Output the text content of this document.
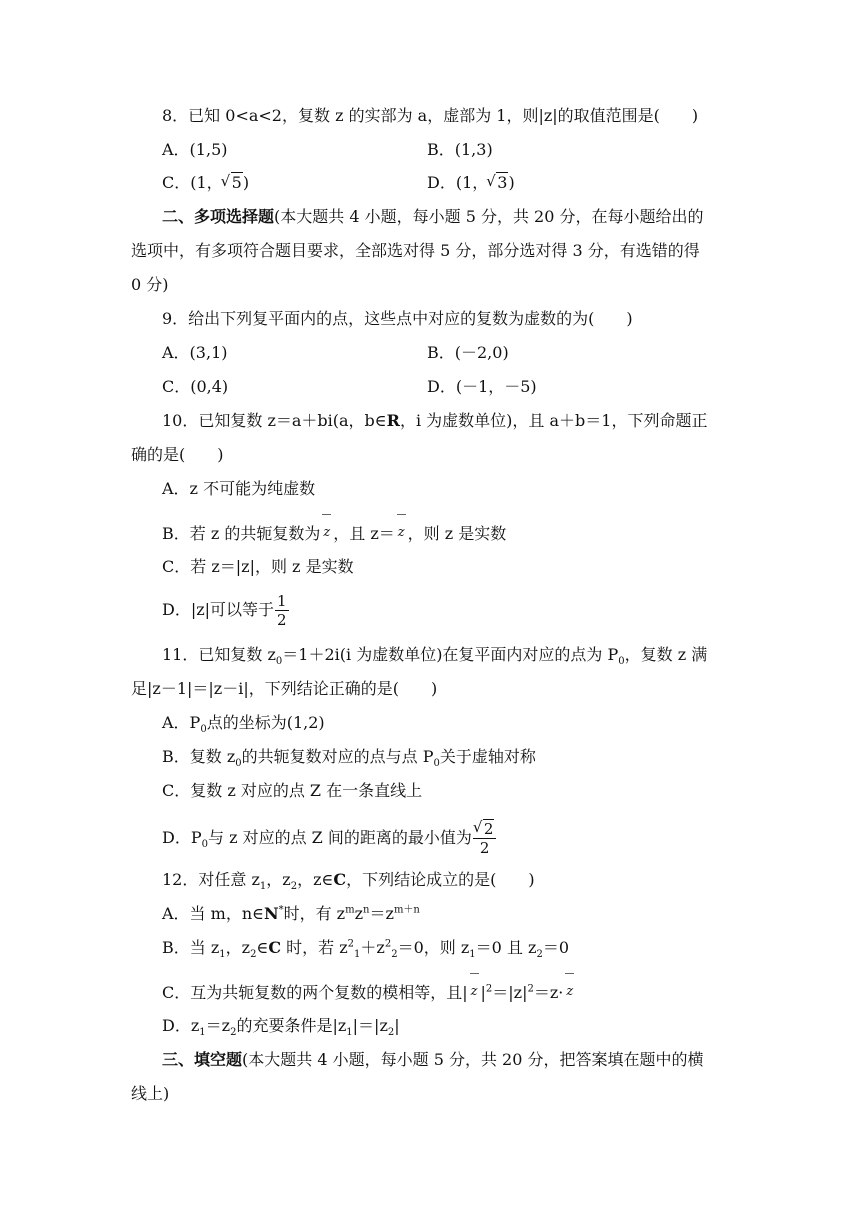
8．已知 0<a<2，复数 z 的实部为 a，虚部为 1，则|z|的取值范围是(　　)
A．(1,5)	B．(1,3)
C．(1， √ 5)	D．(1， √ 3)
二、多项选择题(本大题共 4 小题，每小题 5 分，共 20 分，在每小题给出的
选项中，有多项符合题目要求，全部选对得 5 分，部分选对得 3 分，有选错的得
0 分)
9．给出下列复平面内的点，这些点中对应的复数为虚数的为(　　)
A．(3,1)	B．(－2,0)
C．(0,4)	D．(－1，－5)
10．已知复数 z＝a＋bi(a，b∈R，i 为虚数单位)，且 a＋b＝1，下列命题正
确的是(　　)
A．z 不可能为纯虚数
B．若 z 的共轭复数为 z ，且 z＝ z ，则 z 是实数
C．若 z＝|z|，则 z 是实数
D．|z|可以等于 $\frac{1}{2}$
11．已知复数 $z_0=1+2i(i$ 为虚数单位)在复平面内对应的点为 $P_0$，复数 z 满
足|z－1|＝|z－i|，下列结论正确的是(　　)
A．$P_0$点的坐标为(1,2)
B．复数 $z_0$的共轭复数对应的点与点 $P_0$关于虚轴对称
C．复数 z 对应的点 Z 在一条直线上
D．$P_0$与 z 对应的点 Z 间的距离的最小值为 √ $\frac{2}{2}$
12．对任意 $z_1$，$z_2$，z∈C，下列结论成立的是(　　)
A．当 m，n∈N*时，有 $z^mz^n=z^{m+n}$
B．当 $z_1$，$z_2\in C$ 时，若 $z^2_1+z^2_2=0$，则 $z_1=0$ 且 $z_2=0$
C．互为共轭复数的两个复数的模相等，且| z $|^2=|z|^2=z\cdot z$
D．$z_1=z_2$的充要条件是$|z_1|=|z_2|$
三、填空题(本大题共 4 小题，每小题 5 分，共 20 分，把答案填在题中的横
线上)
